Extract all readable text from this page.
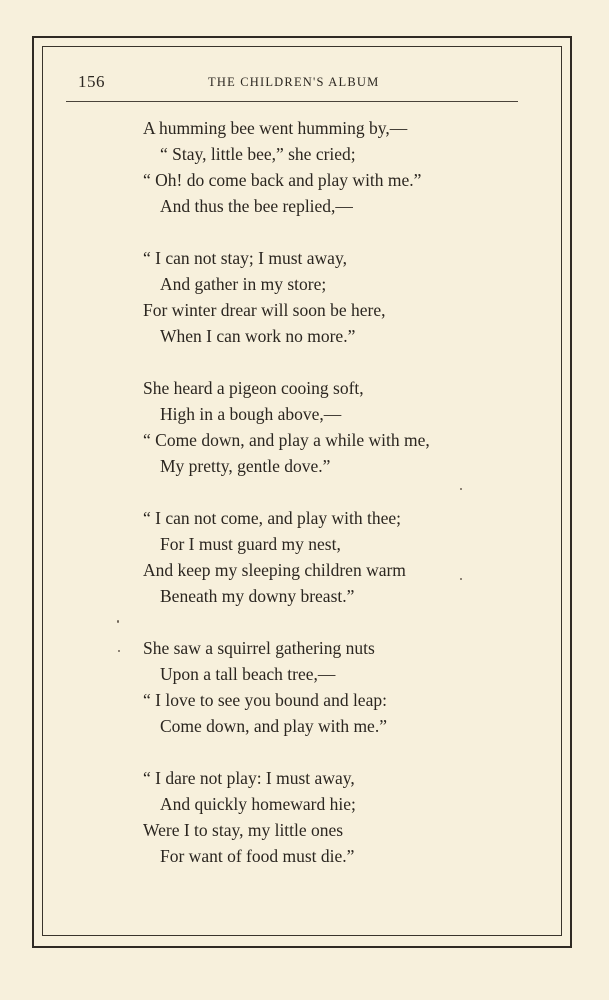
156	THE CHILDREN'S ALBUM
A humming bee went humming by,—
“ Stay, little bee,” she cried;
“ Oh! do come back and play with me.”
And thus the bee replied,—
“ I can not stay; I must away,
And gather in my store;
For winter drear will soon be here,
When I can work no more.”
She heard a pigeon cooing soft,
High in a bough above,—
“ Come down, and play a while with me,
My pretty, gentle dove.”
“ I can not come, and play with thee;
For I must guard my nest,
And keep my sleeping children warm
Beneath my downy breast.”
She saw a squirrel gathering nuts
Upon a tall beach tree,—
“ I love to see you bound and leap:
Come down, and play with me.”
“ I dare not play: I must away,
And quickly homeward hie;
Were I to stay, my little ones
For want of food must die.”
